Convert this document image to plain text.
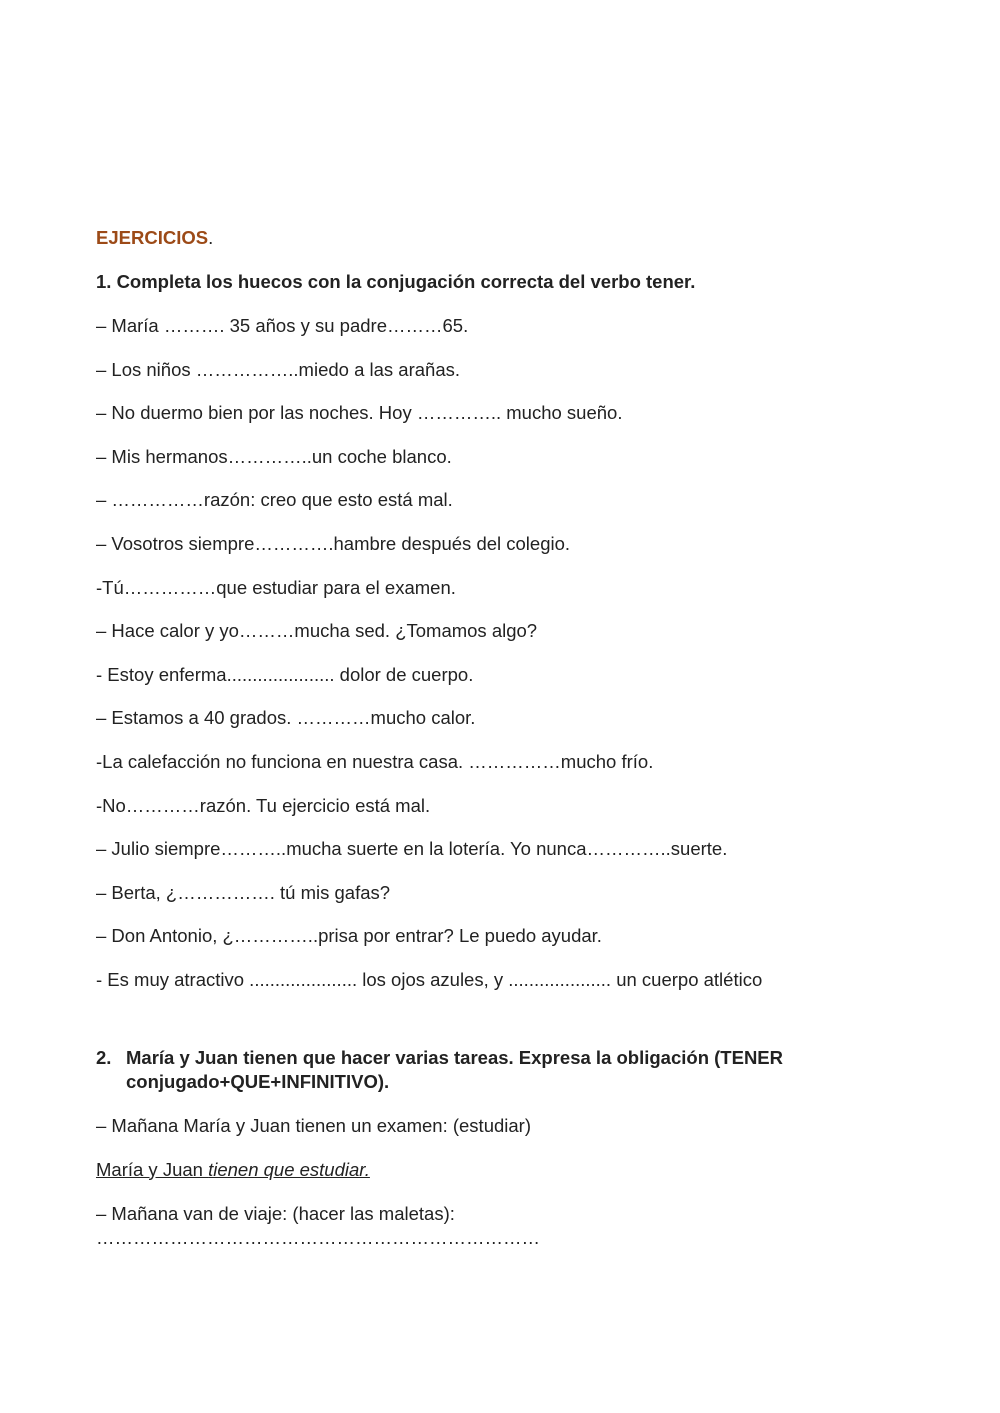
EJERCICIOS.

1. Completa los huecos con la conjugación correcta del verbo tener.

– María ………. 35 años y su padre………65.

– Los niños ……………..miedo a las arañas.

– No duermo bien por las noches. Hoy ………….. mucho sueño.

– Mis hermanos…………..un coche blanco.

– ……………razón: creo que esto está mal.

– Vosotros siempre………….hambre después del colegio.

-Tú……………que estudiar para el examen.

– Hace calor y yo………mucha sed. ¿Tomamos algo?

- Estoy enferma..................... dolor de cuerpo.

– Estamos a 40 grados. …………mucho calor.

-La calefacción no funciona en nuestra casa. ……………mucho frío.

-No…………razón. Tu ejercicio está mal.

– Julio siempre………..mucha suerte en la lotería. Yo nunca…………..suerte.

– Berta, ¿……………. tú mis gafas?

– Don Antonio, ¿…………..prisa por entrar? Le puedo ayudar.

- Es muy atractivo ..................... los ojos azules, y .................... un cuerpo atlético

2. María y Juan tienen que hacer varias tareas. Expresa la obligación (TENER conjugado+QUE+INFINITIVO).

– Mañana María y Juan tienen un examen: (estudiar)

María y Juan tienen que estudiar.

– Mañana van de viaje: (hacer las maletas):

………………………………………………………………
